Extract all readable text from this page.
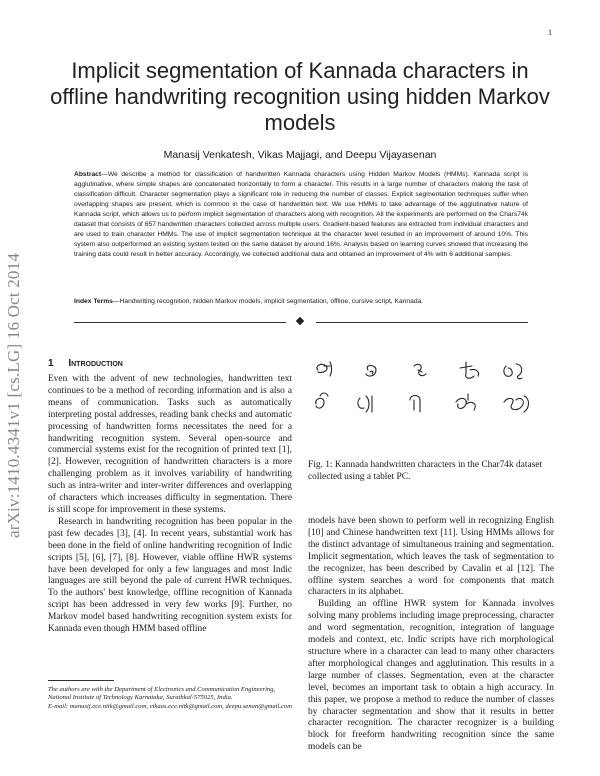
1
arXiv:1410.4341v1 [cs.LG] 16 Oct 2014
Implicit segmentation of Kannada characters in offline handwriting recognition using hidden Markov models
Manasij Venkatesh, Vikas Majjagi, and Deepu Vijayasenan
Abstract—We describe a method for classification of handwritten Kannada characters using Hidden Markov Models (HMMs). Kannada script is agglutinative, where simple shapes are concatenated horizontally to form a character. This results in a large number of characters making the task of classification difficult. Character segmentation plays a significant role in reducing the number of classes. Explicit segmentation techniques suffer when overlapping shapes are present, which is common in the case of handwritten text. We use HMMs to take advantage of the agglutinative nature of Kannada script, which allows us to perform implicit segmentation of characters along with recognition. All the experiments are performed on the Chars74k dataset that consists of 657 handwritten characters collected across multiple users. Gradient-based features are extracted from individual characters and are used to train character HMMs. The use of implicit segmentation technique at the character level resulted in an improvement of around 10%. This system also outperformed an existing system tested on the same dataset by around 16%. Analysis based on learning curves showed that increasing the training data could result in better accuracy. Accordingly, we collected additional data and obtained an improvement of 4% with 6 additional samples.
Index Terms—Handwriting recognition, hidden Markov models, implicit segmentation, offline, cursive script, Kannada.
1 Introduction

Even with the advent of new technologies, handwritten text continues to be a method of recording information and is also a means of communication. Tasks such as automatically interpreting postal addresses, reading bank checks and automatic processing of handwritten forms necessitates the need for a handwriting recognition system. Several open-source and commercial systems exist for the recognition of printed text [1], [2]. However, recognition of handwritten characters is a more challenging problem as it involves variability of handwriting such as intra-writer and inter-writer differences and overlapping of characters which increases difficulty in segmentation. There is still scope for improvement in these systems.

Research in handwriting recognition has been popular in the past few decades [3], [4]. In recent years, substantial work has been done in the field of online handwriting recognition of Indic scripts [5], [6], [7], [8]. However, viable offline HWR systems have been developed for only a few languages and most Indic languages are still beyond the pale of current HWR techniques. To the authors' best knowledge, offline recognition of Kannada script has been addressed in very few works [9]. Further, no Markov model based handwriting recognition system exists for Kannada even though HMM based offline

The authors are with the Department of Electronics and Communication Engineering, National Institute of Technology Karnataka, Surathkal-575025, India.

E-mail: manasij.ece.nitk@gmail.com, vikaas.ece.nitk@gmail.com, deepu.senan@gmail.com

Fig. 1: Kannada handwritten characters in the Char74k dataset collected using a tablet PC.

models have been shown to perform well in recognizing English [10] and Chinese handwritten text [11]. Using HMMs allows for the distinct advantage of simultaneous training and segmentation. Implicit segmentation, which leaves the task of segmentation to the recognizer, has been described by Cavalin et al [12]. The offline system searches a word for components that match characters in its alphabet.

Building an offline HWR system for Kannada involves solving many problems including image preprocessing, character and word segmentation, recognition, integration of language models and context, etc. Indic scripts have rich morphological structure where in a character can lead to many other characters after morphological changes and agglutination. This results in a large number of classes. Segmentation, even at the character level, becomes an important task to obtain a high accuracy. In this paper, we propose a method to reduce the number of classes by character segmentation and show that it results in better character recognition. The character recognizer is a building block for freeform handwriting recognition since the same models can be
